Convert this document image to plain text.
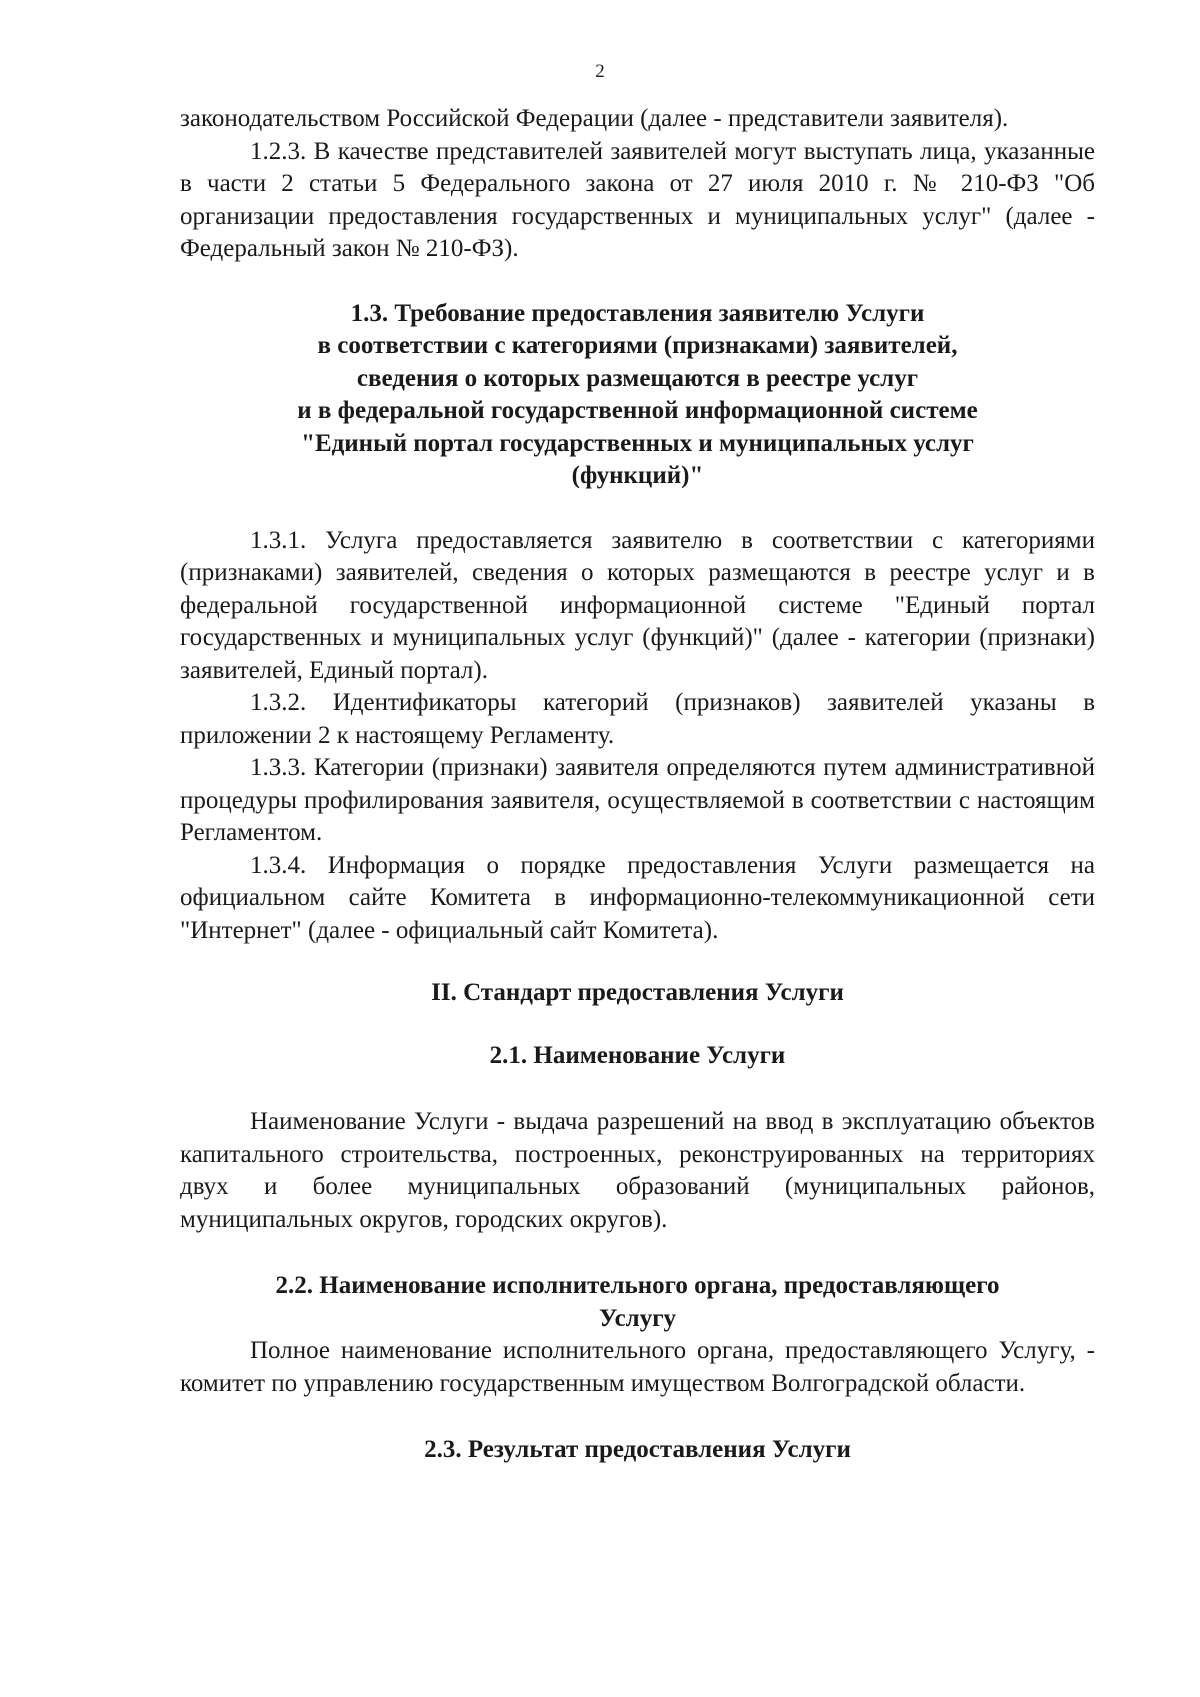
2

законодательством Российской Федерации (далее - представители заявителя).

1.2.3. В качестве представителей заявителей могут выступать лица, указанные в части 2 статьи 5 Федерального закона от 27 июля 2010 г. № 210-ФЗ "Об организации предоставления государственных и муниципальных услуг" (далее - Федеральный закон № 210-ФЗ).

1.3. Требование предоставления заявителю Услуги
в соответствии с категориями (признаками) заявителей,
сведения о которых размещаются в реестре услуг
и в федеральной государственной информационной системе
"Единый портал государственных и муниципальных услуг
(функций)"

1.3.1. Услуга предоставляется заявителю в соответствии с категориями (признаками) заявителей, сведения о которых размещаются в реестре услуг и в федеральной государственной информационной системе "Единый портал государственных и муниципальных услуг (функций)" (далее - категории (признаки) заявителей, Единый портал).

1.3.2. Идентификаторы категорий (признаков) заявителей указаны в приложении 2 к настоящему Регламенту.

1.3.3. Категории (признаки) заявителя определяются путем административной процедуры профилирования заявителя, осуществляемой в соответствии с настоящим Регламентом.

1.3.4. Информация о порядке предоставления Услуги размещается на официальном сайте Комитета в информационно-телекоммуникационной сети "Интернет" (далее - официальный сайт Комитета).

II. Стандарт предоставления Услуги
2.1. Наименование Услуги

Наименование Услуги - выдача разрешений на ввод в эксплуатацию объектов капитального строительства, построенных, реконструированных на территориях двух и более муниципальных образований (муниципальных районов, муниципальных округов, городских округов).

2.2. Наименование исполнительного органа, предоставляющего
Услугу

Полное наименование исполнительного органа, предоставляющего Услугу, - комитет по управлению государственным имуществом Волгоградской области.

2.3. Результат предоставления Услуги
